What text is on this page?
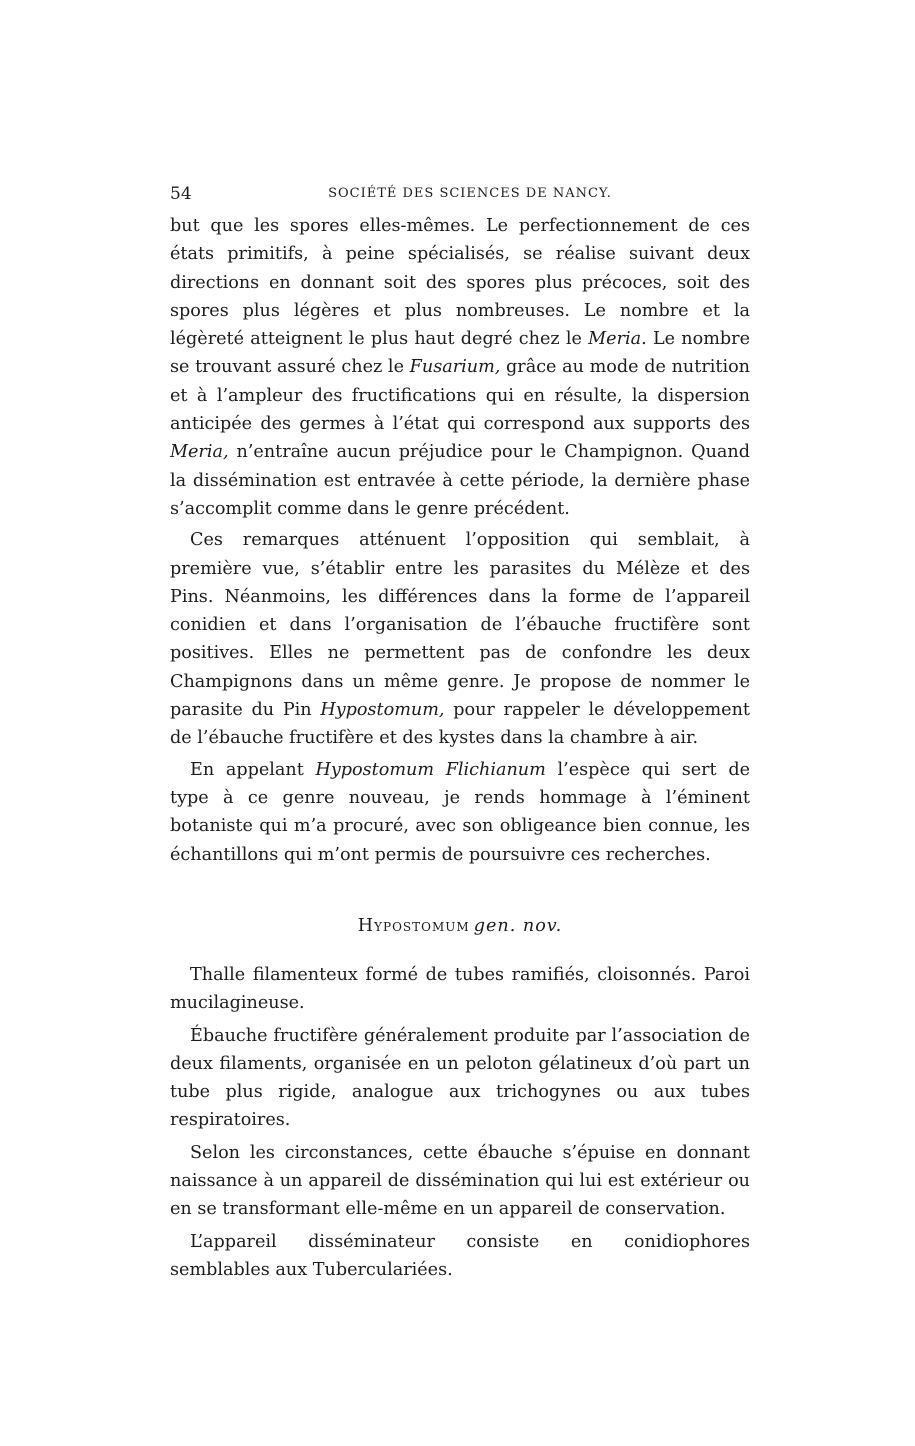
54	SOCIÉTÉ DES SCIENCES DE NANCY.

but que les spores elles-mêmes. Le perfectionnement de ces états primitifs, à peine spécialisés, se réalise suivant deux directions en donnant soit des spores plus précoces, soit des spores plus légères et plus nombreuses. Le nombre et la légèreté atteignent le plus haut degré chez le Meria. Le nombre se trouvant assuré chez le Fusarium, grâce au mode de nutrition et à l’ampleur des fructifications qui en résulte, la dispersion anticipée des germes à l’état qui correspond aux supports des Meria, n’entraîne aucun préjudice pour le Champignon. Quand la dissémination est entravée à cette période, la dernière phase s’accomplit comme dans le genre précédent.

Ces remarques atténuent l’opposition qui semblait, à première vue, s’établir entre les parasites du Mélèze et des Pins. Néanmoins, les différences dans la forme de l’appareil conidien et dans l’organisation de l’ébauche fructifère sont positives. Elles ne permettent pas de confondre les deux Champignons dans un même genre. Je propose de nommer le parasite du Pin Hypostomum, pour rappeler le développement de l’ébauche fructifère et des kystes dans la chambre à air.

En appelant Hypostomum Flichianum l’espèce qui sert de type à ce genre nouveau, je rends hommage à l’éminent botaniste qui m’a procuré, avec son obligeance bien connue, les échantillons qui m’ont permis de poursuivre ces recherches.

Hypostomum gen. nov.

Thalle filamenteux formé de tubes ramifiés, cloisonnés. Paroi mucilagineuse.

Ébauche fructifère généralement produite par l’association de deux filaments, organisée en un peloton gélatineux d’où part un tube plus rigide, analogue aux trichogynes ou aux tubes respiratoires.

Selon les circonstances, cette ébauche s’épuise en donnant naissance à un appareil de dissémination qui lui est extérieur ou en se transformant elle-même en un appareil de conservation.

L’appareil disséminateur consiste en conidiophores semblables aux Tuberculariées.
